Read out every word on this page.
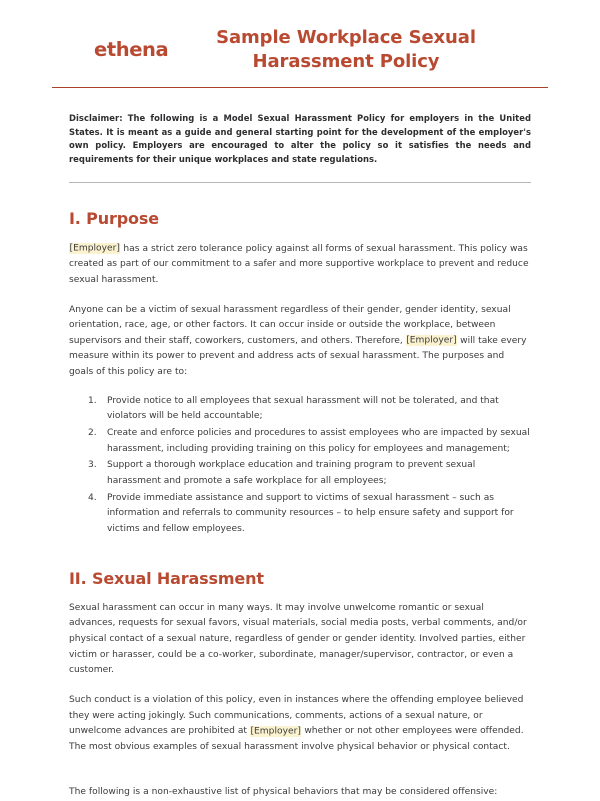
ethena
Sample Workplace Sexual Harassment Policy
Disclaimer: The following is a Model Sexual Harassment Policy for employers in the United States. It is meant as a guide and general starting point for the development of the employer's own policy. Employers are encouraged to alter the policy so it satisfies the needs and requirements for their unique workplaces and state regulations.
I. Purpose

[Employer] has a strict zero tolerance policy against all forms of sexual harassment. This policy was created as part of our commitment to a safer and more supportive workplace to prevent and reduce sexual harassment.

Anyone can be a victim of sexual harassment regardless of their gender, gender identity, sexual orientation, race, age, or other factors. It can occur inside or outside the workplace, between supervisors and their staff, coworkers, customers, and others. Therefore, [Employer] will take every measure within its power to prevent and address acts of sexual harassment. The purposes and goals of this policy are to:

Provide notice to all employees that sexual harassment will not be tolerated, and that violators will be held accountable;
Create and enforce policies and procedures to assist employees who are impacted by sexual harassment, including providing training on this policy for employees and management;
Support a thorough workplace education and training program to prevent sexual harassment and promote a safe workplace for all employees;
Provide immediate assistance and support to victims of sexual harassment – such as information and referrals to community resources – to help ensure safety and support for victims and fellow employees.
II. Sexual Harassment

Sexual harassment can occur in many ways. It may involve unwelcome romantic or sexual advances, requests for sexual favors, visual materials, social media posts, verbal comments, and/or physical contact of a sexual nature, regardless of gender or gender identity. Involved parties, either victim or harasser, could be a co-worker, subordinate, manager/supervisor, contractor, or even a customer.

Such conduct is a violation of this policy, even in instances where the offending employee believed they were acting jokingly. Such communications, comments, actions of a sexual nature, or unwelcome advances are prohibited at [Employer] whether or not other employees were offended. The most obvious examples of sexual harassment involve physical behavior or physical contact.

The following is a non-exhaustive list of physical behaviors that may be considered offensive:
